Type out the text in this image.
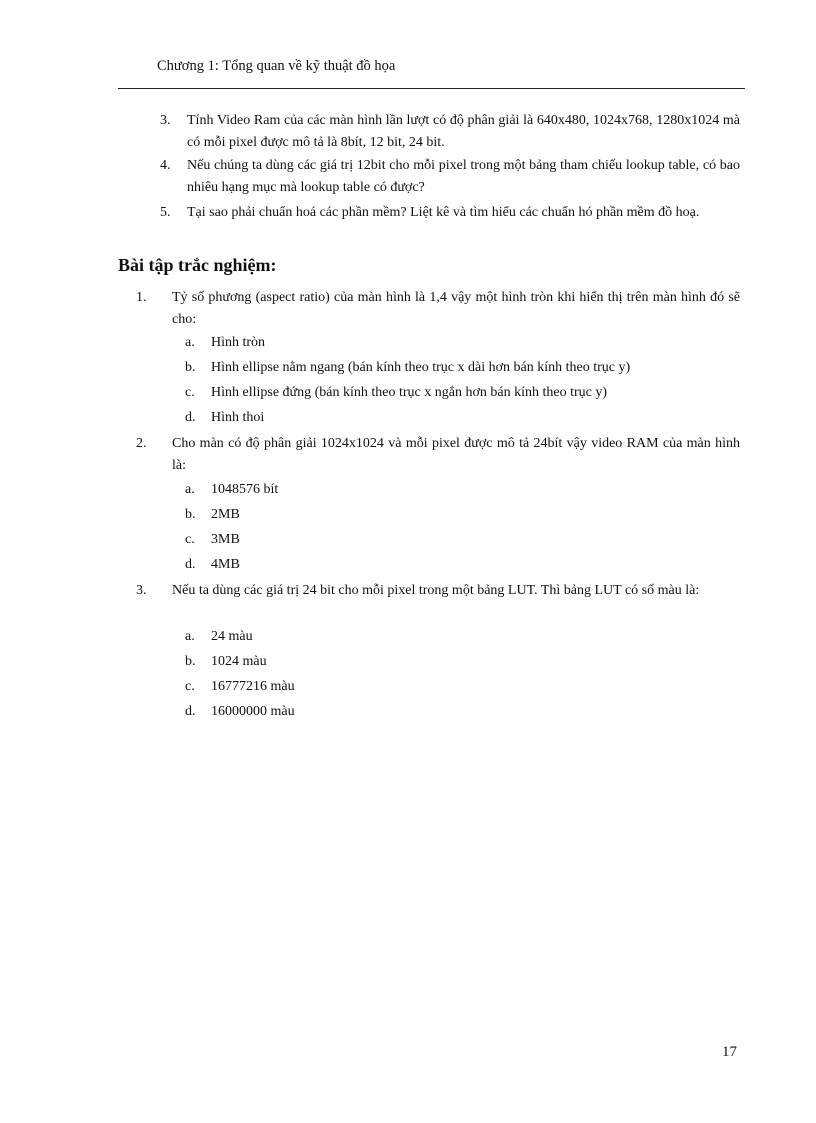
Chương 1: Tổng quan về kỹ thuật đồ họa
3. Tính Video Ram của các màn hình lần lượt có độ phân giải là 640x480, 1024x768, 1280x1024 mà có mỗi pixel được mô tả là 8bít, 12 bit, 24 bit.
4. Nếu chúng ta dùng các giá trị 12bit cho mỗi pixel trong một bảng tham chiếu lookup table, có bao nhiêu hạng mục mà lookup table có được?
5. Tại sao phải chuẩn hoá các phần mềm? Liệt kê và tìm hiểu các chuẩn hó phần mềm đồ hoạ.
Bài tập trắc nghiệm:
1. Tỷ số phương (aspect ratio) của màn hình là 1,4 vậy một hình tròn khi hiển thị trên màn hình đó sẽ cho:
a. Hình tròn
b. Hình ellipse nằm ngang (bán kính theo trục x dài hơn bán kính theo trục y)
c. Hình ellipse đứng (bán kính theo trục x ngắn hơn bán kính theo trục y)
d. Hình thoi
2. Cho màn có độ phân giải 1024x1024 và mỗi pixel được mô tả 24bít vậy video RAM của màn hình là:
a. 1048576 bít
b. 2MB
c. 3MB
d. 4MB
3. Nếu ta dùng các giá trị 24 bit cho mỗi pixel trong một bảng LUT. Thì bảng LUT có số màu là:
a. 24 màu
b. 1024 màu
c. 16777216 màu
d. 16000000 màu
17
